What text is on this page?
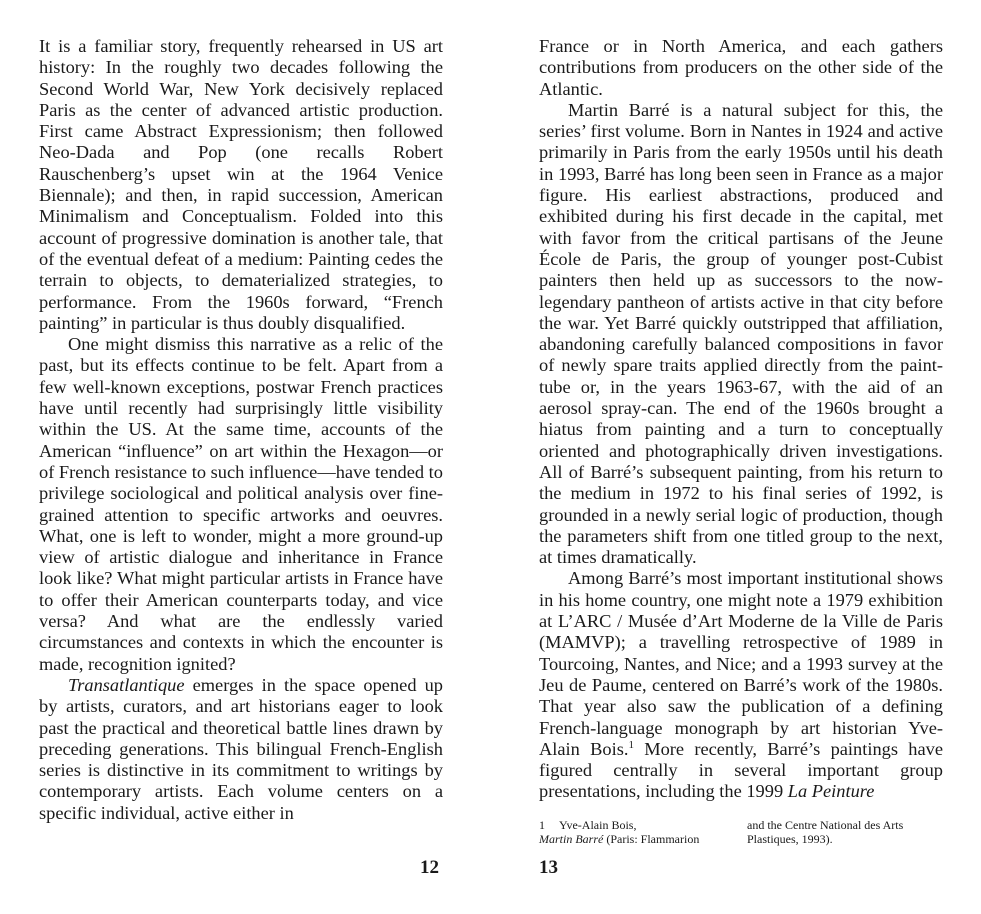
It is a familiar story, frequently rehearsed in US art history: In the roughly two decades following the Second World War, New York decisively replaced Paris as the center of advanced artistic production. First came Abstract Expressionism; then followed Neo-Dada and Pop (one recalls Robert Rauschenberg’s upset win at the 1964 Venice Biennale); and then, in rapid succession, American Minimalism and Conceptualism. Folded into this account of progressive domination is another tale, that of the eventual defeat of a medium: Painting cedes the terrain to objects, to dematerialized strategies, to performance. From the 1960s forward, “French painting” in particular is thus doubly disqualified.

One might dismiss this narrative as a relic of the past, but its effects continue to be felt. Apart from a few well-known exceptions, postwar French practices have until recently had surprisingly little visibility within the US. At the same time, accounts of the American “influence” on art within the Hexagon—or of French resistance to such influence—have tended to privilege sociological and political analysis over fine-grained attention to specific artworks and oeuvres. What, one is left to wonder, might a more ground-up view of artistic dialogue and inheritance in France look like? What might particular artists in France have to offer their American counterparts today, and vice versa? And what are the endlessly varied circumstances and contexts in which the encounter is made, recognition ignited?

Transatlantique emerges in the space opened up by artists, curators, and art historians eager to look past the practical and theoretical battle lines drawn by preceding generations. This bilingual French-English series is distinctive in its commitment to writings by contemporary artists. Each volume centers on a specific individual, active either in

12

France or in North America, and each gathers contributions from producers on the other side of the Atlantic.

Martin Barré is a natural subject for this, the series’ first volume. Born in Nantes in 1924 and active primarily in Paris from the early 1950s until his death in 1993, Barré has long been seen in France as a major figure. His earliest abstractions, produced and exhibited during his first decade in the capital, met with favor from the critical partisans of the Jeune École de Paris, the group of younger post-Cubist painters then held up as successors to the now-legendary pantheon of artists active in that city before the war. Yet Barré quickly outstripped that affiliation, abandoning carefully balanced compositions in favor of newly spare traits applied directly from the paint-tube or, in the years 1963-67, with the aid of an aerosol spray-can. The end of the 1960s brought a hiatus from painting and a turn to conceptually oriented and photographically driven investigations. All of Barré’s subsequent painting, from his return to the medium in 1972 to his final series of 1992, is grounded in a newly serial logic of production, though the parameters shift from one titled group to the next, at times dramatically.

Among Barré’s most important institutional shows in his home country, one might note a 1979 exhibition at L’ARC / Musée d’Art Moderne de la Ville de Paris (MAMVP); a travelling retrospective of 1989 in Tourcoing, Nantes, and Nice; and a 1993 survey at the Jeu de Paume, centered on Barré’s work of the 1980s. That year also saw the publication of a defining French-language monograph by art historian Yve-Alain Bois.$^1$ More recently, Barré’s paintings have figured centrally in several important group presentations, including the 1999 La Peinture

1 Yve-Alain Bois,
Martin Barré (Paris: Flammarion
and the Centre National des Arts
Plastiques, 1993).
13
